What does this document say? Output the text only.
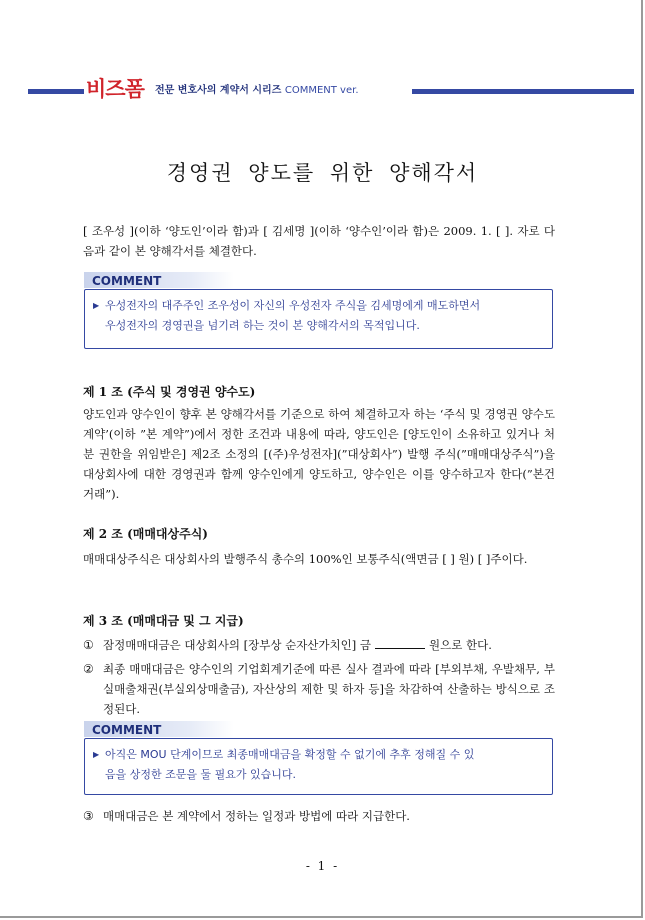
비즈폼 전문 변호사의 계약서 시리즈 COMMENT ver.
경영권 양도를 위한 양해각서
[ 조우성 ](이하 ‘양도인’이라 함)과 [ 김세명 ](이하 ‘양수인’이라 함)은 2009. 1. [ ]. 자로 다음과 같이 본 양해각서를 체결한다.
COMMENT
▶ 우성전자의 대주주인 조우성이 자신의 우성전자 주식을 김세명에게 매도하면서
우성전자의 경영권을 넘기려 하는 것이 본 양해각서의 목적입니다.
제 1 조 (주식 및 경영권 양수도)
양도인과 양수인이 향후 본 양해각서를 기준으로 하여 체결하고자 하는 ‘주식 및 경영권 양수도계약’(이하 ”본 계약”)에서 정한 조건과 내용에 따라, 양도인은 [양도인이 소유하고 있거나 처분 권한을 위임받은] 제2조 소정의 [(주)우성전자](”대상회사”) 발행 주식(”매매대상주식”)을 대상회사에 대한 경영권과 함께 양수인에게 양도하고, 양수인은 이를 양수하고자 한다(”본건 거래”).
제 2 조 (매매대상주식)
매매대상주식은 대상회사의 발행주식 총수의 100%인 보통주식(액면금 [ ] 원) [ ]주이다.
제 3 조 (매매대금 및 그 지급)
① 잠정매매대금은 대상회사의 [장부상 순자산가치인] 금	원으로 한다.
② 최종 매매대금은 양수인의 기업회계기준에 따른 실사 결과에 따라 [부외부채, 우발채무, 부실매출채권(부실외상매출금), 자산상의 제한 및 하자 등]을 차감하여 산출하는 방식으로 조정된다.
COMMENT
▶ 아직은 MOU 단계이므로 최종매매대금을 확정할 수 없기에 추후 정해질 수 있
음을 상정한 조문을 둘 필요가 있습니다.
③ 매매대금은 본 계약에서 정하는 일정과 방법에 따라 지급한다.
- 1 -
